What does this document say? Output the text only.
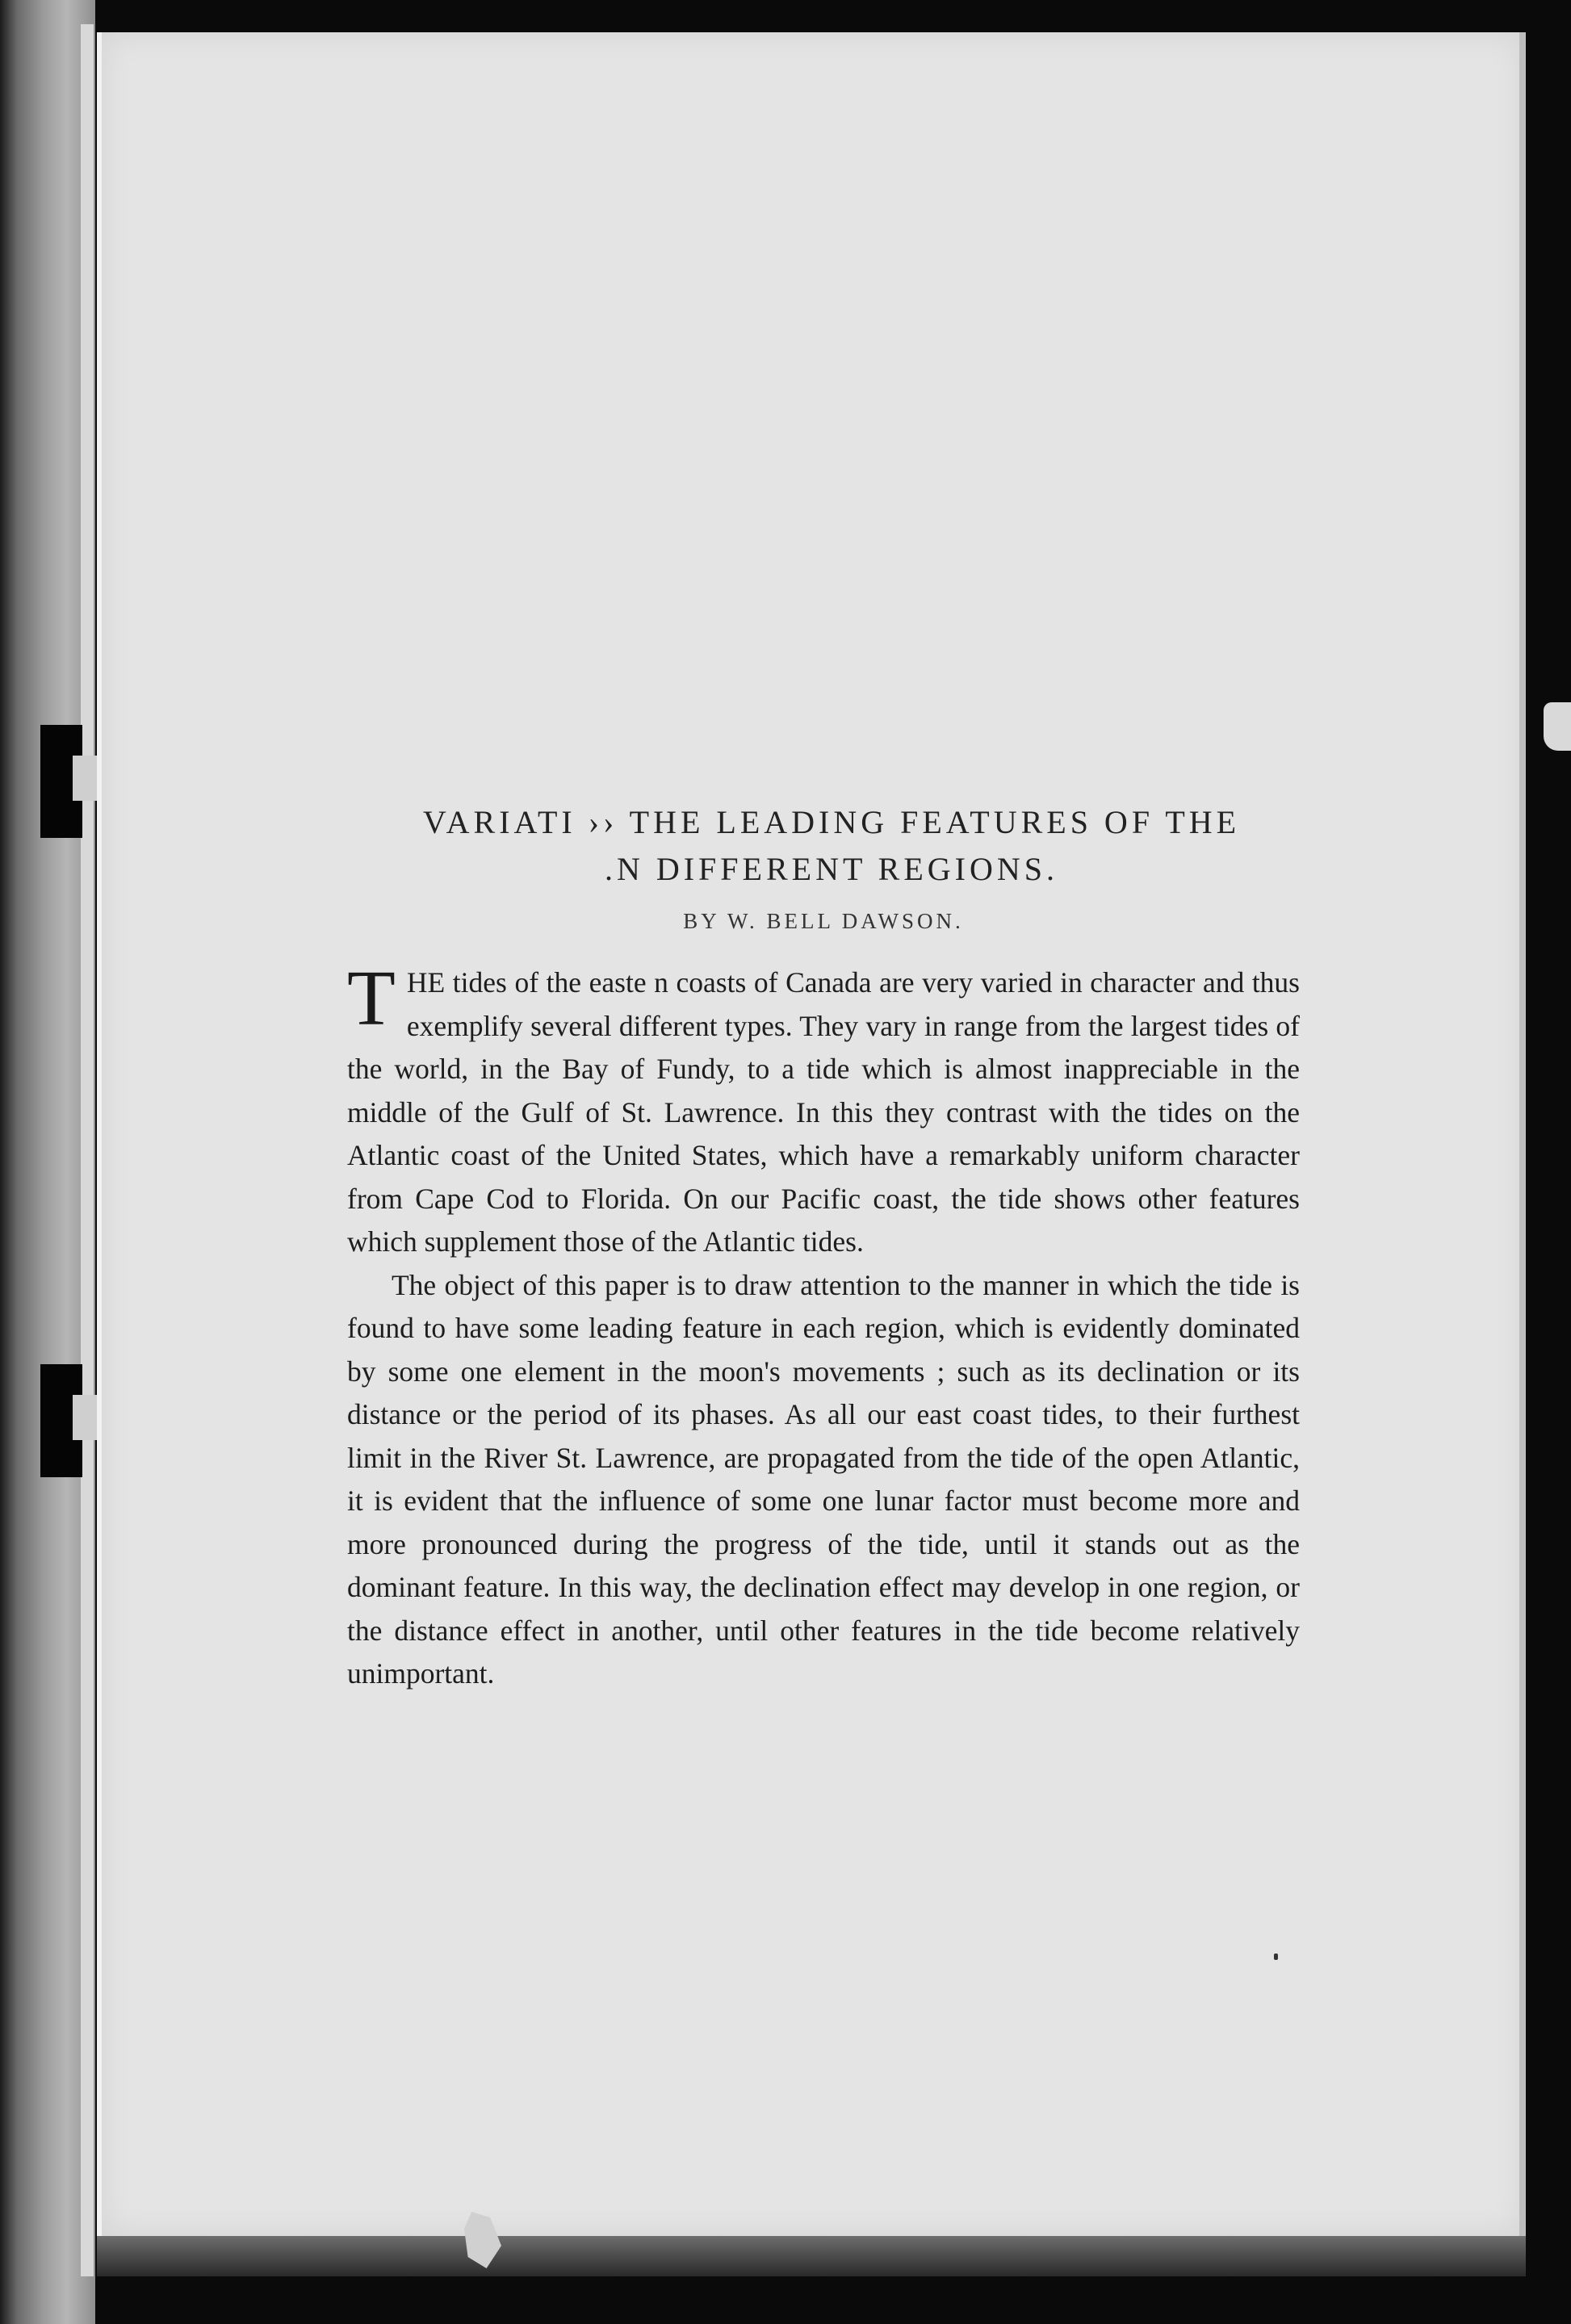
VARIATI ›› THE LEADING FEATURES OF THE
.N DIFFERENT REGIONS.
BY W. BELL DAWSON.

THE tides of the easte n coasts of Canada are very varied in character and thus exemplify several different types. They vary in range from the largest tides of the world, in the Bay of Fundy, to a tide which is almost inappreciable in the middle of the Gulf of St. Lawrence. In this they contrast with the tides on the Atlantic coast of the United States, which have a remarkably uniform character from Cape Cod to Florida. On our Pacific coast, the tide shows other features which supplement those of the Atlantic tides.

The object of this paper is to draw attention to the manner in which the tide is found to have some leading feature in each region, which is evidently dominated by some one element in the moon's movements ; such as its declination or its distance or the period of its phases. As all our east coast tides, to their furthest limit in the River St. Lawrence, are propagated from the tide of the open Atlantic, it is evident that the influence of some one lunar factor must become more and more pronounced during the progress of the tide, until it stands out as the dominant feature. In this way, the declination effect may develop in one region, or the distance effect in another, until other features in the tide become relatively unimportant.
